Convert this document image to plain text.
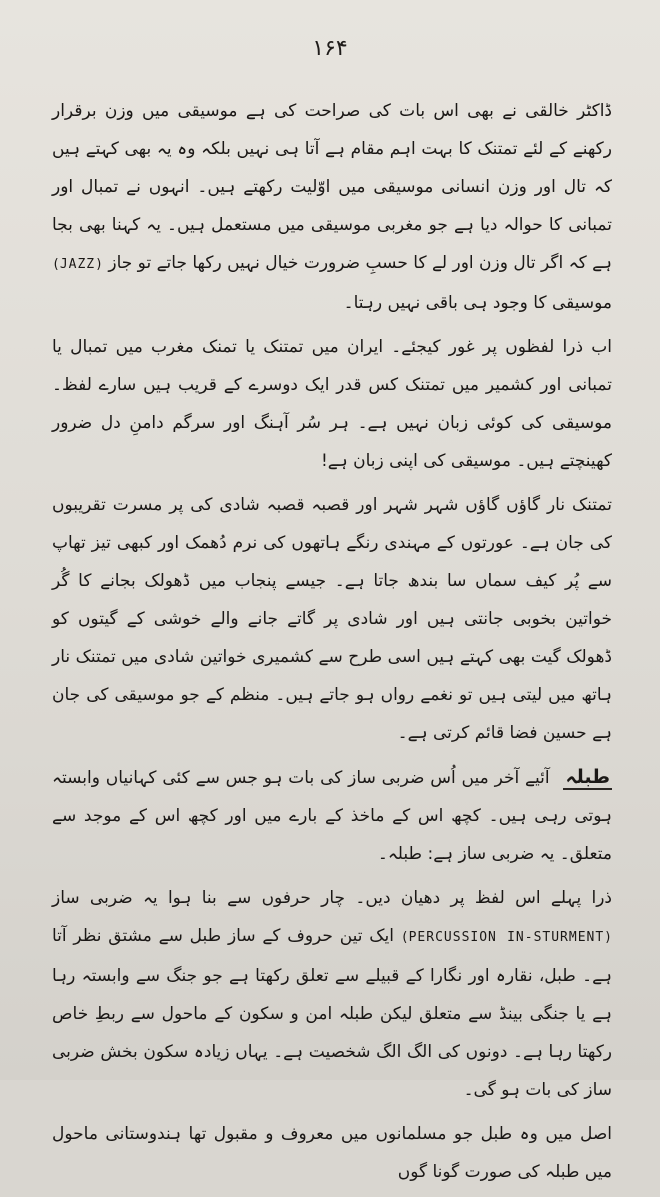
۱۶۴

ڈاکٹر خالقی نے بھی اس بات کی صراحت کی ہے موسیقی میں وزن برقرار رکھنے کے لئے تمتنک کا بہت اہم مقام ہے آتا ہی نہیں بلکہ وہ یہ بھی کہتے ہیں کہ تال اور وزن انسانی موسیقی میں اوّلیت رکھتے ہیں۔ انہوں نے تمبال اور تمبانی کا حوالہ دیا ہے جو مغربی موسیقی میں مستعمل ہیں۔ یہ کہنا بھی بجا ہے کہ اگر تال وزن اور لے کا حسبِ ضرورت خیال نہیں رکھا جاتے تو جاز (JAZZ) موسیقی کا وجود ہی باقی نہیں رہتا۔

اب ذرا لفظوں پر غور کیجئے۔ ایران میں تمتنک یا تمنک مغرب میں تمبال یا تمبانی اور کشمیر میں تمتنک کس قدر ایک دوسرے کے قریب ہیں سارے لفظ۔ موسیقی کی کوئی زبان نہیں ہے۔ ہر سُر آہنگ اور سرگم دامنِ دل ضرور کھینچتے ہیں۔ موسیقی کی اپنی زبان ہے!

تمتنک نار گاؤں گاؤں شہر شہر اور قصبہ قصبہ شادی کی پر مسرت تقریبوں کی جان ہے۔ عورتوں کے مہندی رنگے ہاتھوں کی نرم دُھمک اور کبھی تیز تھاپ سے پُر کیف سماں سا بندھ جاتا ہے۔ جیسے پنجاب میں ڈھولک بجانے کا گُر خواتین بخوبی جانتی ہیں اور شادی پر گاتے جانے والے خوشی کے گیتوں کو ڈھولک گیت بھی کہتے ہیں اسی طرح سے کشمیری خواتین شادی میں تمتنک نار ہاتھ میں لیتی ہیں تو نغمے رواں ہو جاتے ہیں۔ منظم کے جو موسیقی کی جان ہے حسین فضا قائم کرتی ہے۔

طبلہ آئیے آخر میں اُس ضربی ساز کی بات ہو جس سے کئی کہانیاں وابستہ ہوتی رہی ہیں۔ کچھ اس کے ماخذ کے بارے میں اور کچھ اس کے موجد سے متعلق۔ یہ ضربی ساز ہے: طبلہ۔

ذرا پہلے اس لفظ پر دھیان دیں۔ چار حرفوں سے بنا ہوا یہ ضربی ساز (PERCUSSION IN-STURMENT) ایک تین حروف کے ساز طبل سے مشتق نظر آتا ہے۔ طبل، نقارہ اور نگارا کے قبیلے سے تعلق رکھتا ہے جو جنگ سے وابستہ رہا ہے یا جنگی بینڈ سے متعلق لیکن طبلہ امن و سکون کے ماحول سے ربطِ خاص رکھتا رہا ہے۔ دونوں کی الگ الگ شخصیت ہے۔ یہاں زیادہ سکون بخش ضربی ساز کی بات ہو گی۔

اصل میں وہ طبل جو مسلمانوں میں معروف و مقبول تھا ہندوستانی ماحول میں طبلہ کی صورت گونا گوں
